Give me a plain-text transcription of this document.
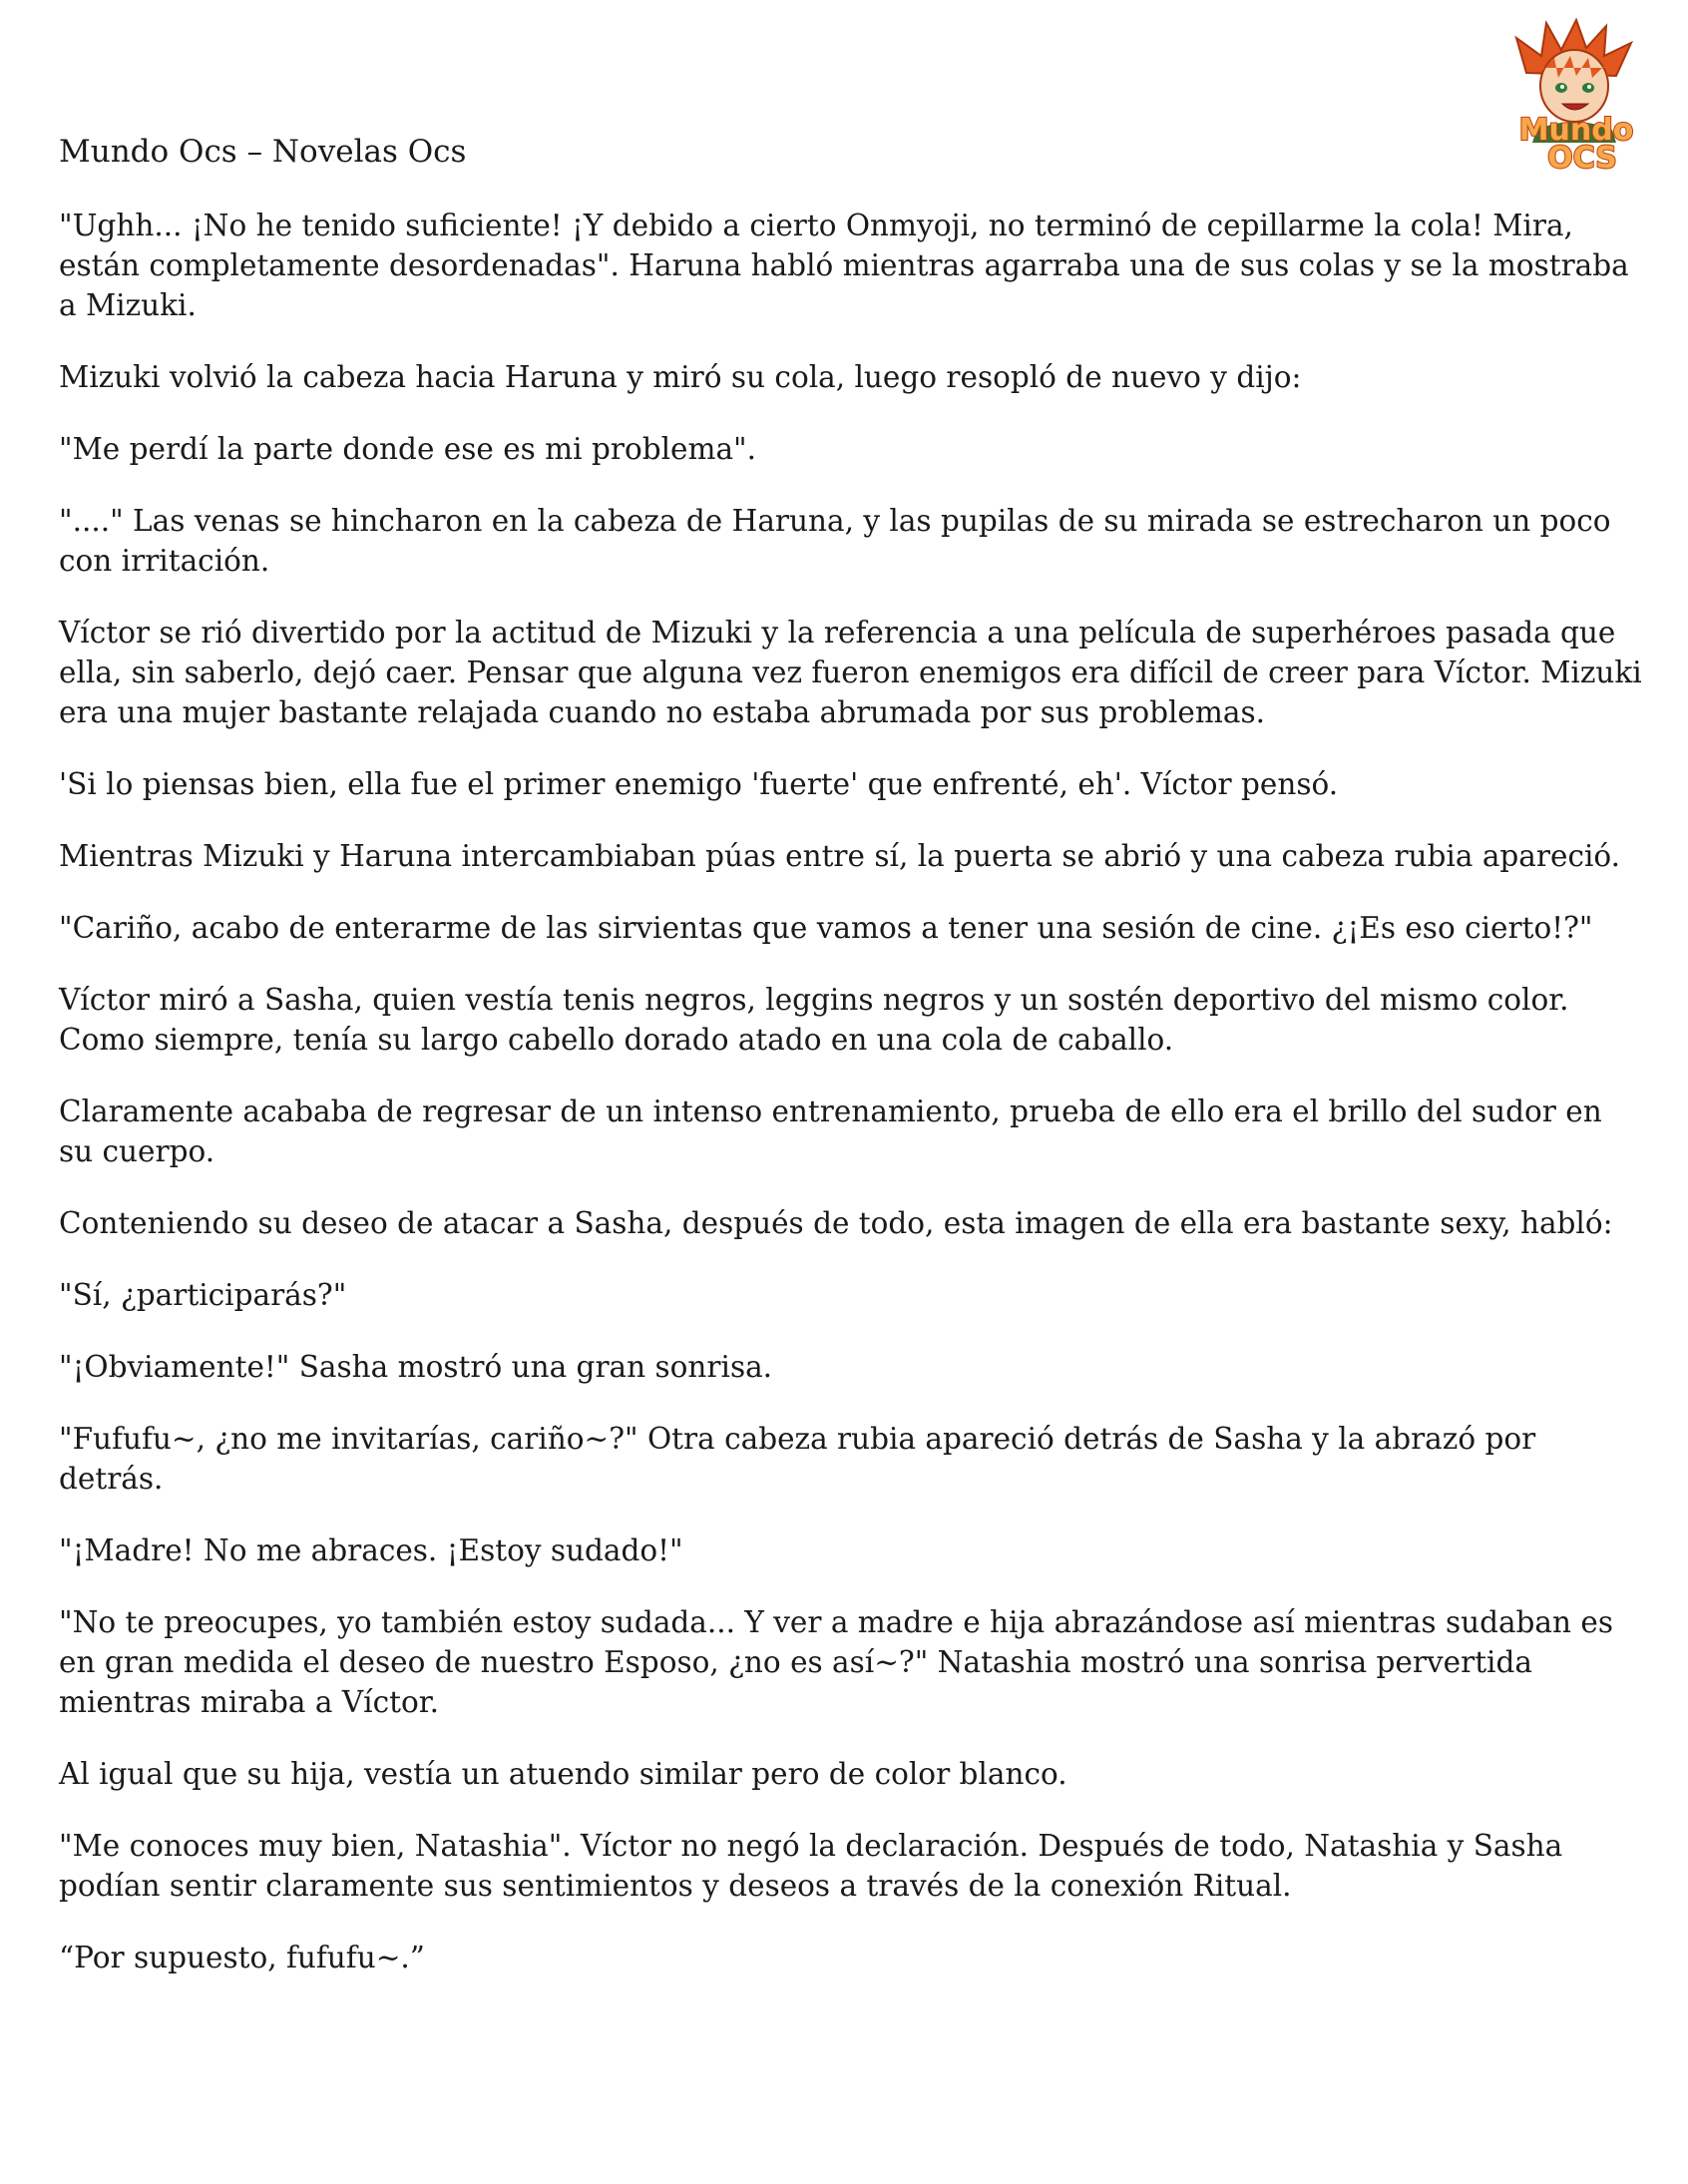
Mundo
OCS
Mundo Ocs – Novelas Ocs

"Ughh... ¡No he tenido suficiente! ¡Y debido a cierto Onmyoji, no terminó de cepillarme la cola! Mira, están completamente desordenadas". Haruna habló mientras agarraba una de sus colas y se la mostraba a Mizuki.

Mizuki volvió la cabeza hacia Haruna y miró su cola, luego resopló de nuevo y dijo:

"Me perdí la parte donde ese es mi problema".

"...." Las venas se hincharon en la cabeza de Haruna, y las pupilas de su mirada se estrecharon un poco con irritación.

Víctor se rió divertido por la actitud de Mizuki y la referencia a una película de superhéroes pasada que ella, sin saberlo, dejó caer. Pensar que alguna vez fueron enemigos era difícil de creer para Víctor. Mizuki era una mujer bastante relajada cuando no estaba abrumada por sus problemas.

'Si lo piensas bien, ella fue el primer enemigo 'fuerte' que enfrenté, eh'. Víctor pensó.

Mientras Mizuki y Haruna intercambiaban púas entre sí, la puerta se abrió y una cabeza rubia apareció.

"Cariño, acabo de enterarme de las sirvientas que vamos a tener una sesión de cine. ¿¡Es eso cierto!?"

Víctor miró a Sasha, quien vestía tenis negros, leggins negros y un sostén deportivo del mismo color. Como siempre, tenía su largo cabello dorado atado en una cola de caballo.

Claramente acababa de regresar de un intenso entrenamiento, prueba de ello era el brillo del sudor en su cuerpo.

Conteniendo su deseo de atacar a Sasha, después de todo, esta imagen de ella era bastante sexy, habló:

"Sí, ¿participarás?"

"¡Obviamente!" Sasha mostró una gran sonrisa.

"Fufufu~, ¿no me invitarías, cariño~?" Otra cabeza rubia apareció detrás de Sasha y la abrazó por detrás.

"¡Madre! No me abraces. ¡Estoy sudado!"

"No te preocupes, yo también estoy sudada... Y ver a madre e hija abrazándose así mientras sudaban es en gran medida el deseo de nuestro Esposo, ¿no es así~?" Natashia mostró una sonrisa pervertida mientras miraba a Víctor.

Al igual que su hija, vestía un atuendo similar pero de color blanco.

"Me conoces muy bien, Natashia". Víctor no negó la declaración. Después de todo, Natashia y Sasha podían sentir claramente sus sentimientos y deseos a través de la conexión Ritual.

“Por supuesto, fufufu~.”
